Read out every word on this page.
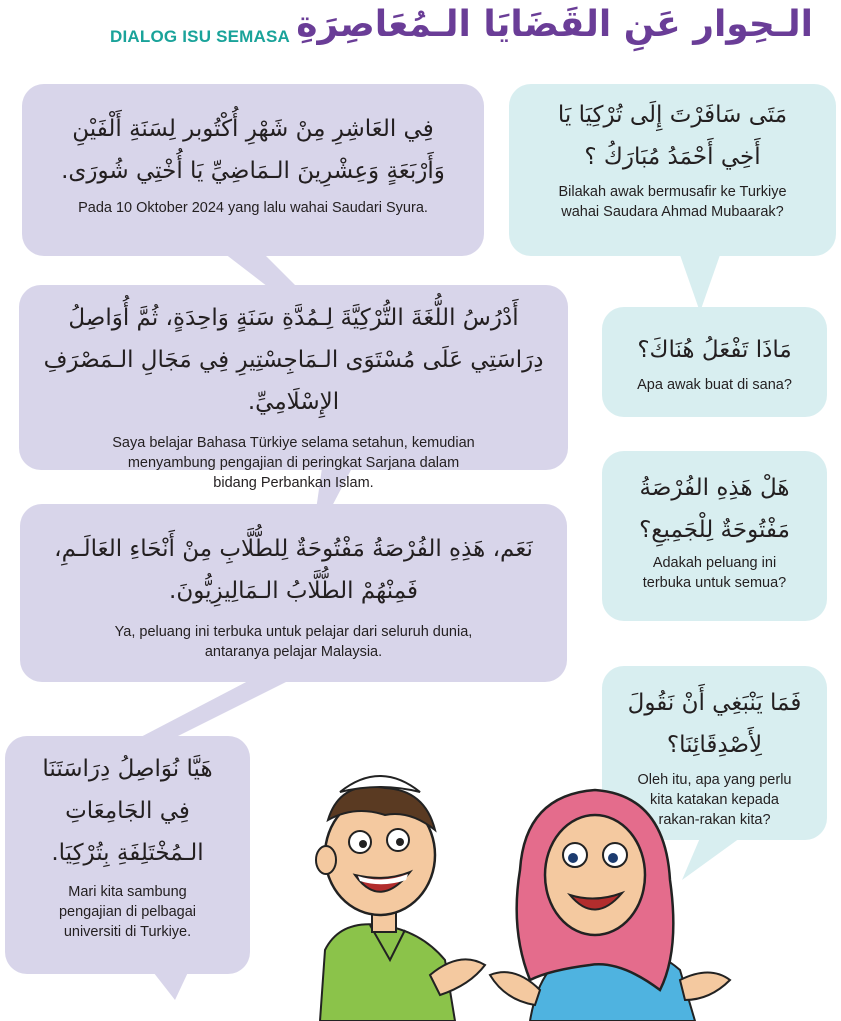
DIALOG ISU SEMASA الـحِوار عَنِ القَضَايَا الـمُعَاصِرَةِ
مَتَى سَافَرْتَ إِلَى تُرْكِيَا يَا أَخِي أَحْمَدُ مُبَارَكُ ؟
Bilakah awak bermusafir ke Turkiye wahai Saudara Ahmad Mubaarak?
مَاذَا تَفْعَلُ هُنَاكَ؟
Apa awak buat di sana?
هَلْ هَذِهِ الفُرْصَةُ مَفْتُوحَةٌ لِلْجَمِيعِ؟
Adakah peluang ini terbuka untuk semua?
فَمَا يَنْبَغِي أَنْ نَقُولَ لِأَصْدِقَائِنَا؟
Oleh itu, apa yang perlu kita katakan kepada rakan-rakan kita?
فِي العَاشِرِ مِنْ شَهْرِ أُكْتُوبر لِسَنَةِ أَلْفَيْنِ وَأَرْبَعَةٍ وَعِشْرِينَ الـمَاضِيِّ يَا أُخْتِي شُورَى.
Pada 10 Oktober 2024 yang lalu wahai Saudari Syura.
أَدْرُسُ اللُّغَةَ التُّرْكِيَّةَ لِـمُدَّةِ سَنَةٍ وَاحِدَةٍ، ثُمَّ أُوَاصِلُ دِرَاسَتِي عَلَى مُسْتَوَى الـمَاجِسْتِيرِ فِي مَجَالِ الـمَصْرَفِ الإِسْلَامِيِّ.
Saya belajar Bahasa Türkiye selama setahun, kemudian menyambung pengajian di peringkat Sarjana dalam bidang Perbankan Islam.
نَعَم، هَذِهِ الفُرْصَةُ مَفْتُوحَةٌ لِلطُّلَّابِ مِنْ أَنْحَاءِ العَالَـمِ، فَمِنْهُمْ الطُّلَّابُ الـمَالِيزِيُّونَ.
Ya, peluang ini terbuka untuk pelajar dari seluruh dunia, antaranya pelajar Malaysia.
هَيَّا نُوَاصِلُ دِرَاسَتَنَا فِي الجَامِعَاتِ الـمُخْتَلِفَةِ بِتُرْكِيَا.
Mari kita sambung pengajian di pelbagai universiti di Turkiye.
